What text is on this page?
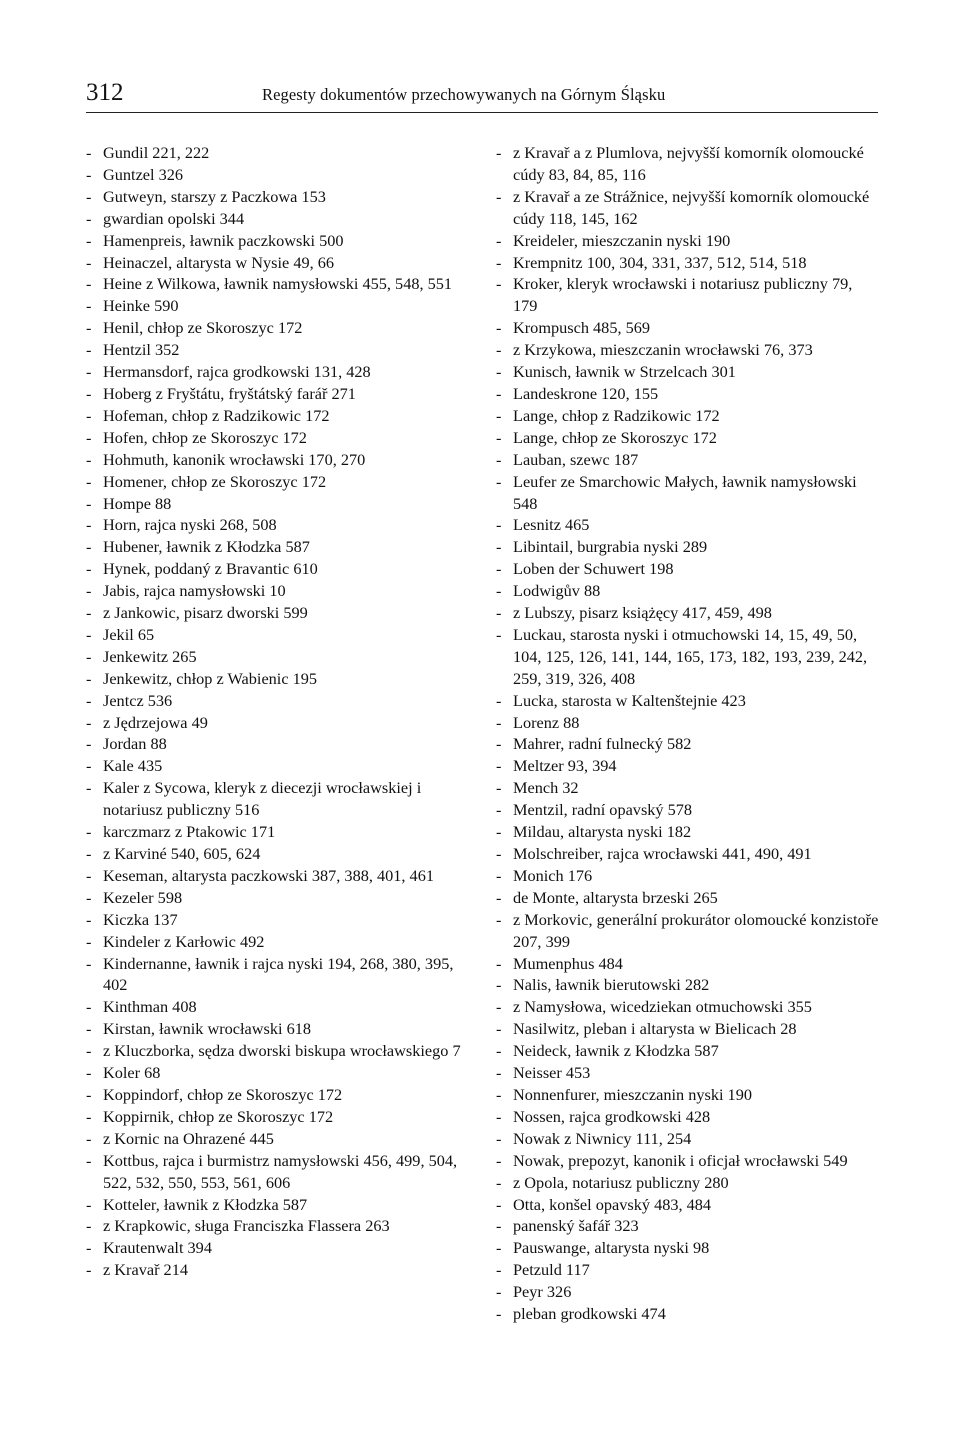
312	Regesty dokumentów przechowywanych na Górnym Śląsku
- Gundil 221, 222
- Guntzel 326
- Gutweyn, starszy z Paczkowa 153
- gwardian opolski 344
- Hamenpreis, ławnik paczkowski 500
- Heinaczel, altarysta w Nysie 49, 66
- Heine z Wilkowa, ławnik namysłowski 455, 548, 551
- Heinke 590
- Henil, chłop ze Skoroszyc 172
- Hentzil 352
- Hermansdorf, rajca grodkowski 131, 428
- Hoberg z Fryštátu, fryštátský farář 271
- Hofeman, chłop z Radzikowic 172
- Hofen, chłop ze Skoroszyc 172
- Hohmuth, kanonik wrocławski 170, 270
- Homener, chłop ze Skoroszyc 172
- Hompe 88
- Horn, rajca nyski 268, 508
- Hubener, ławnik z Kłodzka 587
- Hynek, poddaný z Bravantic 610
- Jabis, rajca namysłowski 10
- z Jankowic, pisarz dworski 599
- Jekil 65
- Jenkewitz 265
- Jenkewitz, chłop z Wabienic 195
- Jentcz 536
- z Jędrzejowa 49
- Jordan 88
- Kale 435
- Kaler z Sycowa, kleryk z diecezji wrocławskiej i notariusz publiczny 516
- karczmarz z Ptakowic 171
- z Karviné 540, 605, 624
- Keseman, altarysta paczkowski 387, 388, 401, 461
- Kezeler 598
- Kiczka 137
- Kindeler z Karłowic 492
- Kindernanne, ławnik i rajca nyski 194, 268, 380, 395, 402
- Kinthman 408
- Kirstan, ławnik wrocławski 618
- z Kluczborka, sędza dworski biskupa wrocławskiego 7
- Koler 68
- Koppindorf, chłop ze Skoroszyc 172
- Koppirnik, chłop ze Skoroszyc 172
- z Kornic na Ohrazené 445
- Kottbus, rajca i burmistrz namysłowski 456, 499, 504, 522, 532, 550, 553, 561, 606
- Kotteler, ławnik z Kłodzka 587
- z Krapkowic, sługa Franciszka Flassera 263
- Krautenwalt 394
- z Kravař 214
- z Kravař a z Plumlova, nejvyšší komorník olomoucké cúdy 83, 84, 85, 116
- z Kravař a ze Strážnice, nejvyšší komorník olomoucké cúdy 118, 145, 162
- Kreideler, mieszczanin nyski 190
- Krempnitz 100, 304, 331, 337, 512, 514, 518
- Kroker, kleryk wrocławski i notariusz publiczny 79, 179
- Krompusch 485, 569
- z Krzykowa, mieszczanin wrocławski 76, 373
- Kunisch, ławnik w Strzelcach 301
- Landeskrone 120, 155
- Lange, chłop z Radzikowic 172
- Lange, chłop ze Skoroszyc 172
- Lauban, szewc 187
- Leufer ze Smarchowic Małych, ławnik namysłowski 548
- Lesnitz 465
- Libintail, burgrabia nyski 289
- Loben der Schuwert 198
- Lodwigův 88
- z Lubszy, pisarz książęcy 417, 459, 498
- Luckau, starosta nyski i otmuchowski 14, 15, 49, 50, 104, 125, 126, 141, 144, 165, 173, 182, 193, 239, 242, 259, 319, 326, 408
- Lucka, starosta w Kaltenštejnie 423
- Lorenz 88
- Mahrer, radní fulnecký 582
- Meltzer 93, 394
- Mench 32
- Mentzil, radní opavský 578
- Mildau, altarysta nyski 182
- Molschreiber, rajca wrocławski 441, 490, 491
- Monich 176
- de Monte, altarysta brzeski 265
- z Morkovic, generální prokurátor olomoucké konzistoře 207, 399
- Mumenphus 484
- Nalis, ławnik bierutowski 282
- z Namysłowa, wicedziekan otmuchowski 355
- Nasilwitz, pleban i altarysta w Bielicach 28
- Neideck, ławnik z Kłodzka 587
- Neisser 453
- Nonnenfurer, mieszczanin nyski 190
- Nossen, rajca grodkowski 428
- Nowak z Niwnicy 111, 254
- Nowak, prepozyt, kanonik i oficjał wrocławski 549
- z Opola, notariusz publiczny 280
- Otta, konšel opavský 483, 484
- panenský šafář 323
- Pauswange, altarysta nyski 98
- Petzuld 117
- Peyr 326
- pleban grodkowski 474
